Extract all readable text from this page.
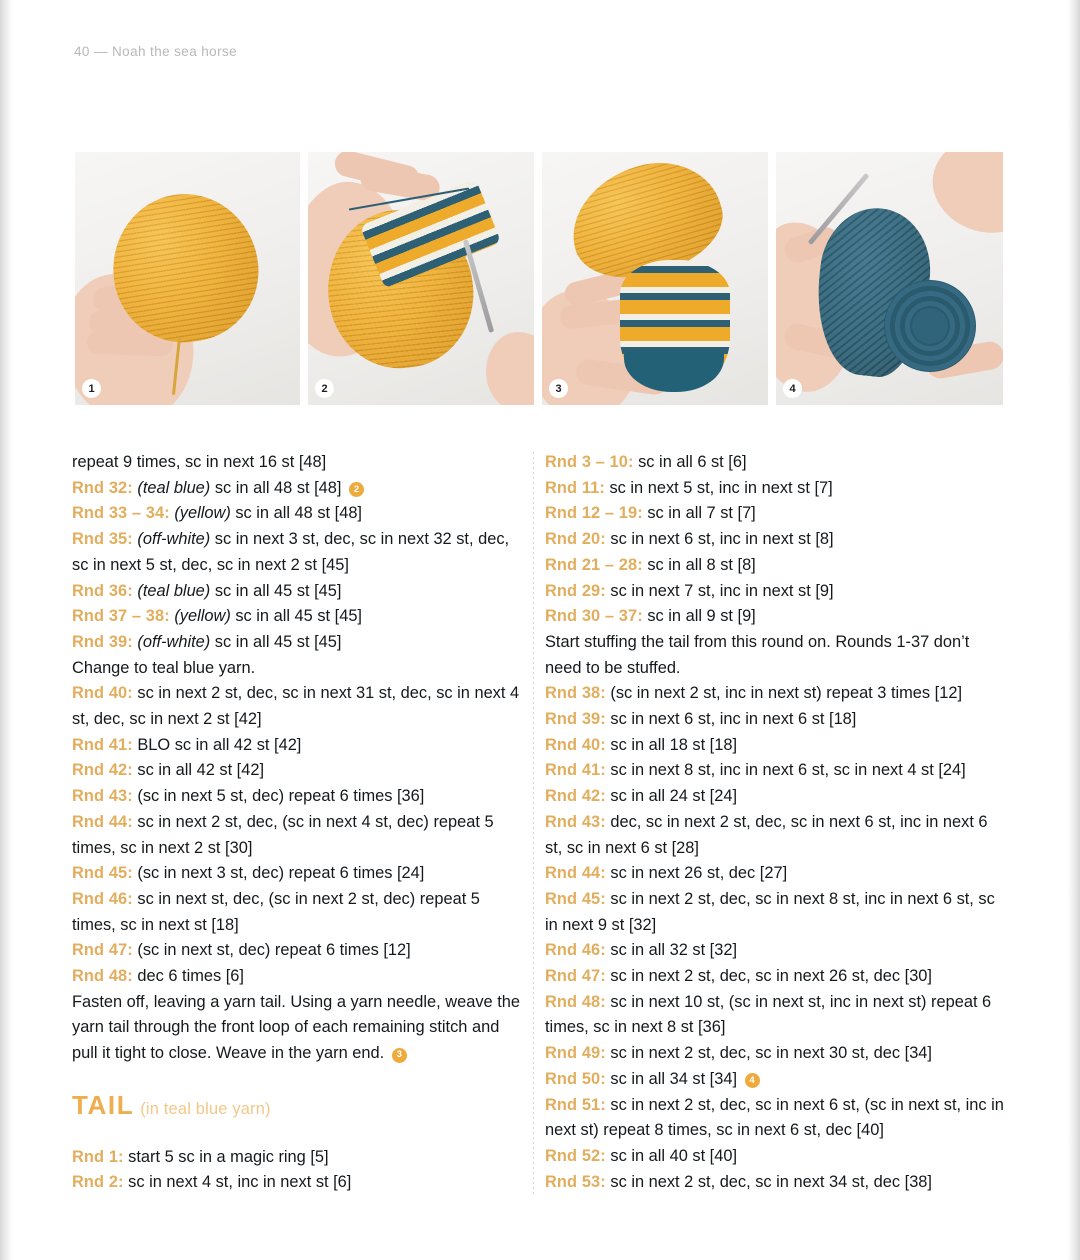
40 — Noah the sea horse
1	2	3	4
repeat 9 times, sc in next 16 st [48]
Rnd 32: (teal blue) sc in all 48 st [48] 2
Rnd 33 – 34: (yellow) sc in all 48 st [48]
Rnd 35: (off-white) sc in next 3 st, dec, sc in next 32 st, dec, sc in next 5 st, dec, sc in next 2 st [45]
Rnd 36: (teal blue) sc in all 45 st [45]
Rnd 37 – 38: (yellow) sc in all 45 st [45]
Rnd 39: (off-white) sc in all 45 st [45]
Change to teal blue yarn.
Rnd 40: sc in next 2 st, dec, sc in next 31 st, dec, sc in next 4 st, dec, sc in next 2 st [42]
Rnd 41: BLO sc in all 42 st [42]
Rnd 42: sc in all 42 st [42]
Rnd 43: (sc in next 5 st, dec) repeat 6 times [36]
Rnd 44: sc in next 2 st, dec, (sc in next 4 st, dec) repeat 5 times, sc in next 2 st [30]
Rnd 45: (sc in next 3 st, dec) repeat 6 times [24]
Rnd 46: sc in next st, dec, (sc in next 2 st, dec) repeat 5 times, sc in next st [18]
Rnd 47: (sc in next st, dec) repeat 6 times [12]
Rnd 48: dec 6 times [6]
Fasten off, leaving a yarn tail. Using a yarn needle, weave the yarn tail through the front loop of each remaining stitch and pull it tight to close. Weave in the yarn end. 3
TAIL (in teal blue yarn)
Rnd 1: start 5 sc in a magic ring [5]
Rnd 2: sc in next 4 st, inc in next st [6]
Rnd 3 – 10: sc in all 6 st [6]
Rnd 11: sc in next 5 st, inc in next st [7]
Rnd 12 – 19: sc in all 7 st [7]
Rnd 20: sc in next 6 st, inc in next st [8]
Rnd 21 – 28: sc in all 8 st [8]
Rnd 29: sc in next 7 st, inc in next st [9]
Rnd 30 – 37: sc in all 9 st [9]
Start stuffing the tail from this round on. Rounds 1-37 don’t need to be stuffed.
Rnd 38: (sc in next 2 st, inc in next st) repeat 3 times [12]
Rnd 39: sc in next 6 st, inc in next 6 st [18]
Rnd 40: sc in all 18 st [18]
Rnd 41: sc in next 8 st, inc in next 6 st, sc in next 4 st [24]
Rnd 42: sc in all 24 st [24]
Rnd 43: dec, sc in next 2 st, dec, sc in next 6 st, inc in next 6 st, sc in next 6 st [28]
Rnd 44: sc in next 26 st, dec [27]
Rnd 45: sc in next 2 st, dec, sc in next 8 st, inc in next 6 st, sc in next 9 st [32]
Rnd 46: sc in all 32 st [32]
Rnd 47: sc in next 2 st, dec, sc in next 26 st, dec [30]
Rnd 48: sc in next 10 st, (sc in next st, inc in next st) repeat 6 times, sc in next 8 st [36]
Rnd 49: sc in next 2 st, dec, sc in next 30 st, dec [34]
Rnd 50: sc in all 34 st [34] 4
Rnd 51: sc in next 2 st, dec, sc in next 6 st, (sc in next st, inc in next st) repeat 8 times, sc in next 6 st, dec [40]
Rnd 52: sc in all 40 st [40]
Rnd 53: sc in next 2 st, dec, sc in next 34 st, dec [38]
